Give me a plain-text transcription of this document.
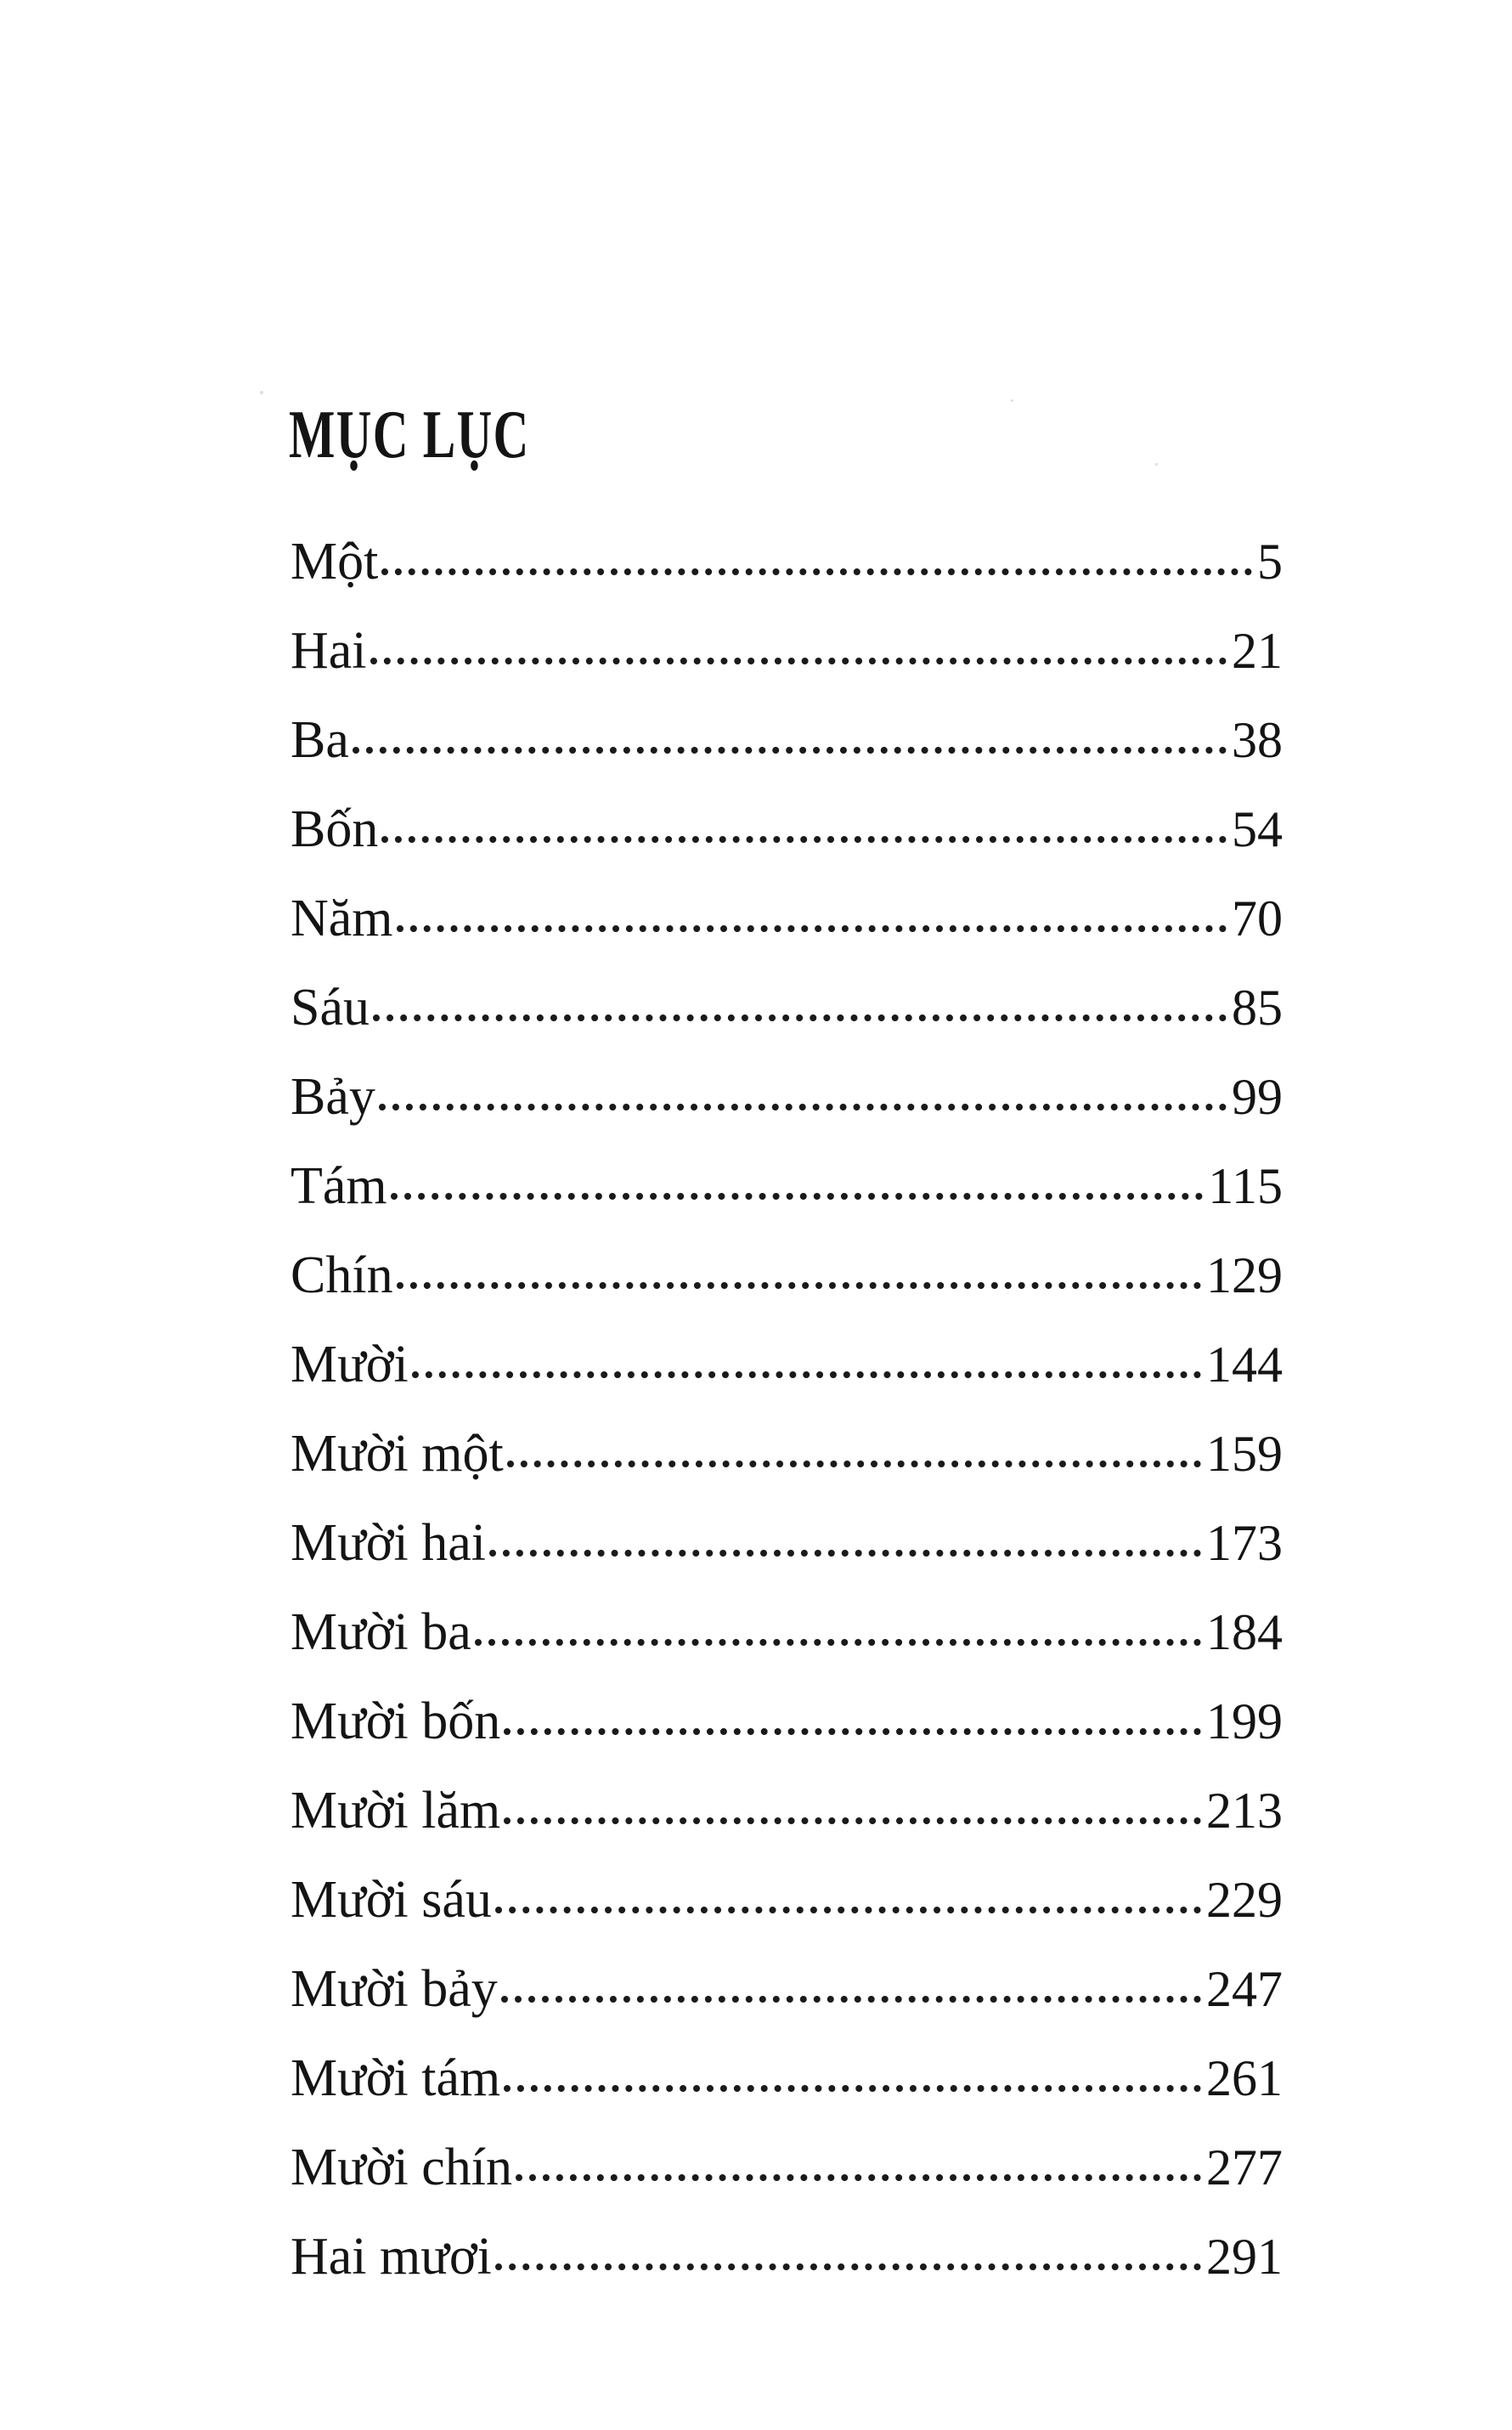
MỤC LỤC
Một	5
Hai	21
Ba	38
Bốn	54
Năm	70
Sáu	85
Bảy	99
Tám	115
Chín	129
Mười	144
Mười một	159
Mười hai	173
Mười ba	184
Mười bốn	199
Mười lăm	213
Mười sáu	229
Mười bảy	247
Mười tám	261
Mười chín	277
Hai mươi	291
